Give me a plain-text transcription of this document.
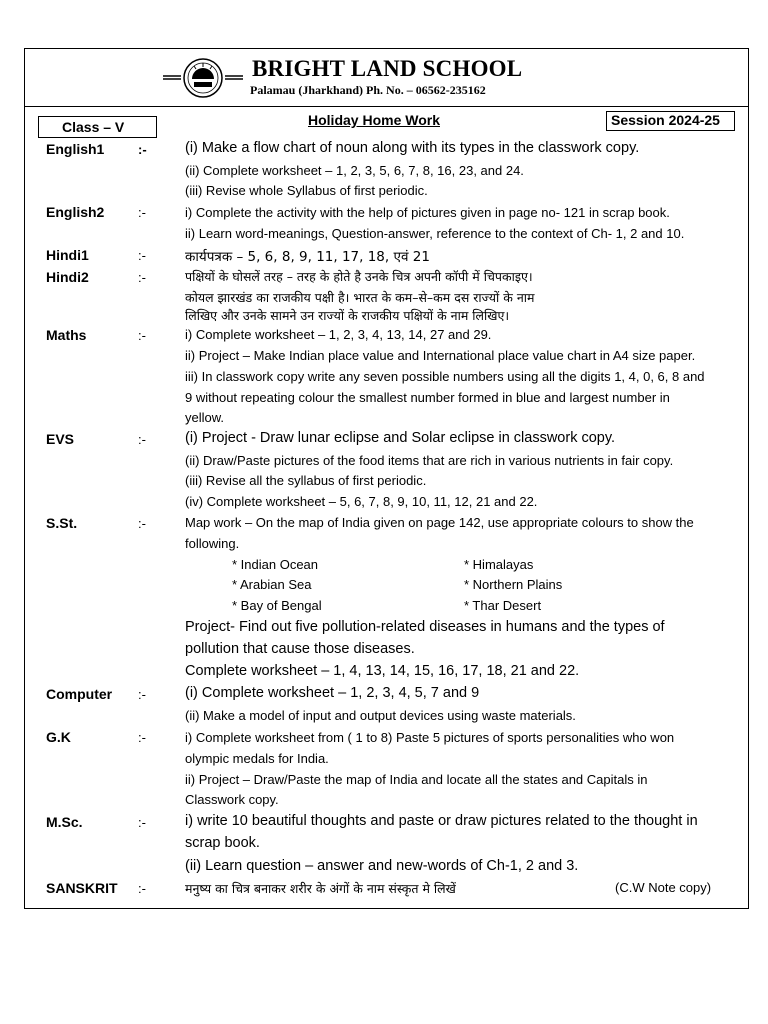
BRIGHT LAND SCHOOL
Palamau (Jharkhand) Ph. No. – 06562-235162
Class – V	Holiday Home Work	Session 2024-25
English1	:-	(i) Make a flow chart of noun along with its types in the classwork copy.
(ii) Complete worksheet – 1, 2, 3, 5, 6, 7, 8, 16, 23, and 24.
(iii) Revise whole Syllabus of first periodic.
English2	:-	i) Complete the activity with the help of pictures given in page no- 121 in scrap book.
ii) Learn word-meanings, Question-answer, reference to the context of Ch- 1, 2 and 10.
Hindi1	:-	कार्यपत्रक – 5, 6, 8, 9, 11, 17, 18, एवं 21
Hindi2	:-	पक्षियों के घोसलें तरह – तरह के होते है उनके चित्र अपनी कॉपी में चिपकाइए।
कोयल झारखंड का राजकीय पक्षी है। भारत के कम–से–कम दस राज्यों के नाम
लिखिए और उनके सामने उन राज्यों के राजकीय पक्षियों के नाम लिखिए।
Maths	:-	i) Complete worksheet – 1, 2, 3, 4, 13, 14, 27 and 29.
ii) Project – Make Indian place value and International place value chart in A4 size paper.
iii) In classwork copy write any seven possible numbers using all the digits 1, 4, 0, 6, 8 and
9 without repeating colour the smallest number formed in blue and largest number in
yellow.
EVS	:-	(i) Project - Draw lunar eclipse and Solar eclipse in classwork copy.
(ii) Draw/Paste pictures of the food items that are rich in various nutrients in fair copy.
(iii) Revise all the syllabus of first periodic.
(iv) Complete worksheet – 5, 6, 7, 8, 9, 10, 11, 12, 21 and 22.
S.St.	:-	Map work – On the map of India given on page 142, use appropriate colours to show the
following.
* Indian Ocean	* Himalayas
* Arabian Sea	* Northern Plains
* Bay of Bengal	* Thar Desert
Project- Find out five pollution-related diseases in humans and the types of
pollution that cause those diseases.
Complete worksheet – 1, 4, 13, 14, 15, 16, 17, 18, 21 and 22.
Computer :-	(i) Complete worksheet – 1, 2, 3, 4, 5, 7 and 9
(ii) Make a model of input and output devices using waste materials.
G.K	:-	i) Complete worksheet from ( 1 to 8) Paste 5 pictures of sports personalities who won
olympic medals for India.
ii) Project – Draw/Paste the map of India and locate all the states and Capitals in
Classwork copy.
M.Sc.	:-	i) write 10 beautiful thoughts and paste or draw pictures related to the thought in
scrap book.
(ii) Learn question – answer and new-words of Ch-1, 2 and 3.
SANSKRIT :-	मनुष्य का चित्र बनाकर शरीर के अंगों के नाम संस्कृत मे लिखें	(C.W Note copy)
